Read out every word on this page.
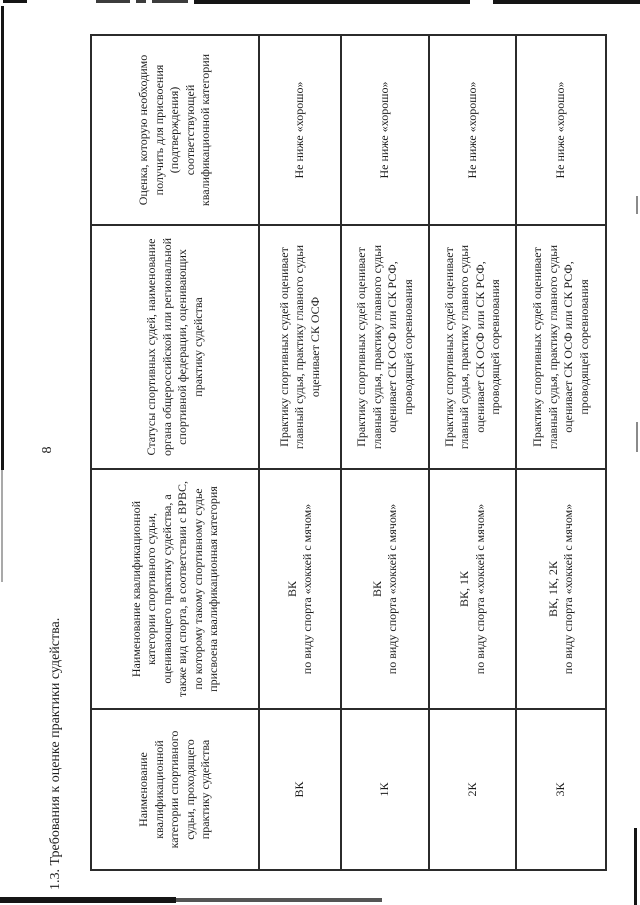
8
1.3. Требования к оценке практики судейства.	Наименование квалификационной категории спортивного судьи, проходящего практику судейства	Наименование квалификационной категории спортивного судьи, оценивающего практику судейства, а также вид спорта, в соответствии с ВРВС, по которому такому спортивному судье присвоена квалификационная категория	Статусы спортивных судей, наименование органа общероссийской или региональной спортивной федерации, оценивающих практику судейства	Оценка, которую необходимо получить для присвоения (подтверждения) соответствующей квалификационной категории
ВК	ВК по виду спорта «хоккей с мячом»	Практику спортивных судей оценивает главный судья, практику главного судьи оценивает СК ОСФ	Не ниже «хорошо»
1К	ВК по виду спорта «хоккей с мячом»	Практику спортивных судей оценивает главный судья, практику главного судьи оценивает СК ОСФ или СК РСФ, проводящей соревнования	Не ниже «хорошо»
2К	ВК, 1К по виду спорта «хоккей с мячом»	Практику спортивных судей оценивает главный судья, практику главного судьи оценивает СК ОСФ или СК РСФ, проводящей соревнования	Не ниже «хорошо»
3К	ВК, 1К, 2К по виду спорта «хоккей с мячом»	Практику спортивных судей оценивает главный судья, практику главного судьи оценивает СК ОСФ или СК РСФ, проводящей соревнования	Не ниже «хорошо»
